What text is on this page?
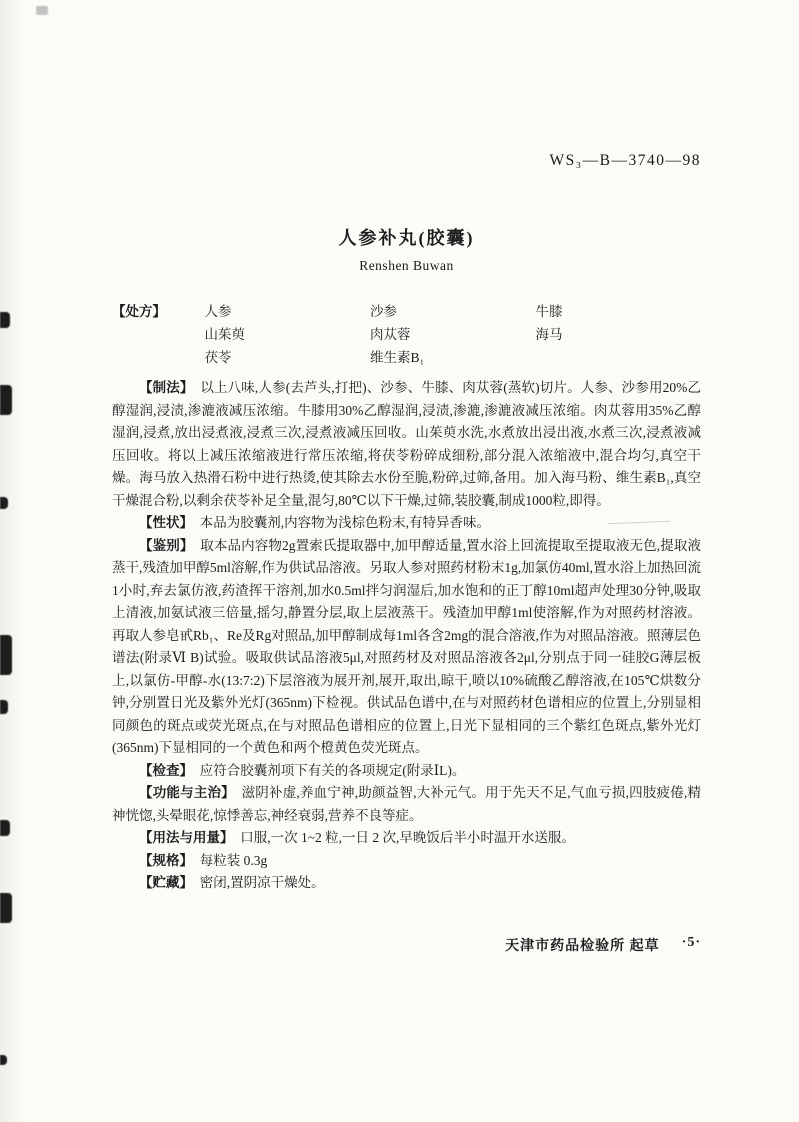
WS₃—B—3740—98
人参补丸(胶囊)
Renshen Buwan
【处方】	人参	沙参	牛膝
山茱萸	肉苁蓉	海马
茯苓	维生素B₁

【制法】 以上八味,人参(去芦头,打把)、沙参、牛膝、肉苁蓉(蒸软)切片。人参、沙参用20%乙醇湿润,浸渍,渗漉液减压浓缩。牛膝用30%乙醇湿润,浸渍,渗漉,渗漉液减压浓缩。肉苁蓉用35%乙醇湿润,浸煮,放出浸煮液,浸煮三次,浸煮液减压回收。山茱萸水洗,水煮放出浸出液,水煮三次,浸煮液减压回收。将以上减压浓缩液进行常压浓缩,将茯苓粉碎成细粉,部分混入浓缩液中,混合均匀,真空干燥。海马放入热滑石粉中进行热烫,使其除去水份至脆,粉碎,过筛,备用。加入海马粉、维生素B₁,真空干燥混合粉,以剩余茯苓补足全量,混匀,80℃以下干燥,过筛,装胶囊,制成1000粒,即得。

【性状】 本品为胶囊剂,内容物为浅棕色粉末,有特异香味。

【鉴别】 取本品内容物2g置索氏提取器中,加甲醇适量,置水浴上回流提取至提取液无色,提取液蒸干,残渣加甲醇5ml溶解,作为供试品溶液。另取人参对照药材粉末1g,加氯仿40ml,置水浴上加热回流1小时,弃去氯仿液,药渣挥干溶剂,加水0.5ml拌匀润湿后,加水饱和的正丁醇10ml超声处理30分钟,吸取上清液,加氨试液三倍量,摇匀,静置分层,取上层液蒸干。残渣加甲醇1ml使溶解,作为对照药材溶液。再取人参皂甙Rb₁、Re及Rg对照品,加甲醇制成每1ml各含2mg的混合溶液,作为对照品溶液。照薄层色谱法(附录Ⅵ B)试验。吸取供试品溶液5μl,对照药材及对照品溶液各2μl,分别点于同一硅胶G薄层板上,以氯仿-甲醇-水(13:7:2)下层溶液为展开剂,展开,取出,晾干,喷以10%硫酸乙醇溶液,在105℃烘数分钟,分别置日光及紫外光灯(365nm)下检视。供试品色谱中,在与对照药材色谱相应的位置上,分别显相同颜色的斑点或荧光斑点,在与对照品色谱相应的位置上,日光下显相同的三个紫红色斑点,紫外光灯(365nm)下显相同的一个黄色和两个橙黄色荧光斑点。

【检查】 应符合胶囊剂项下有关的各项规定(附录ⅠL)。

【功能与主治】 滋阴补虚,养血宁神,助颜益智,大补元气。用于先天不足,气血亏损,四肢疲倦,精神恍惚,头晕眼花,惊悸善忘,神经衰弱,营养不良等症。

【用法与用量】 口服,一次 1~2 粒,一日 2 次,早晚饭后半小时温开水送服。

【规格】 每粒装 0.3g

【贮藏】 密闭,置阴凉干燥处。

天津市药品检验所 起草 ·5·
